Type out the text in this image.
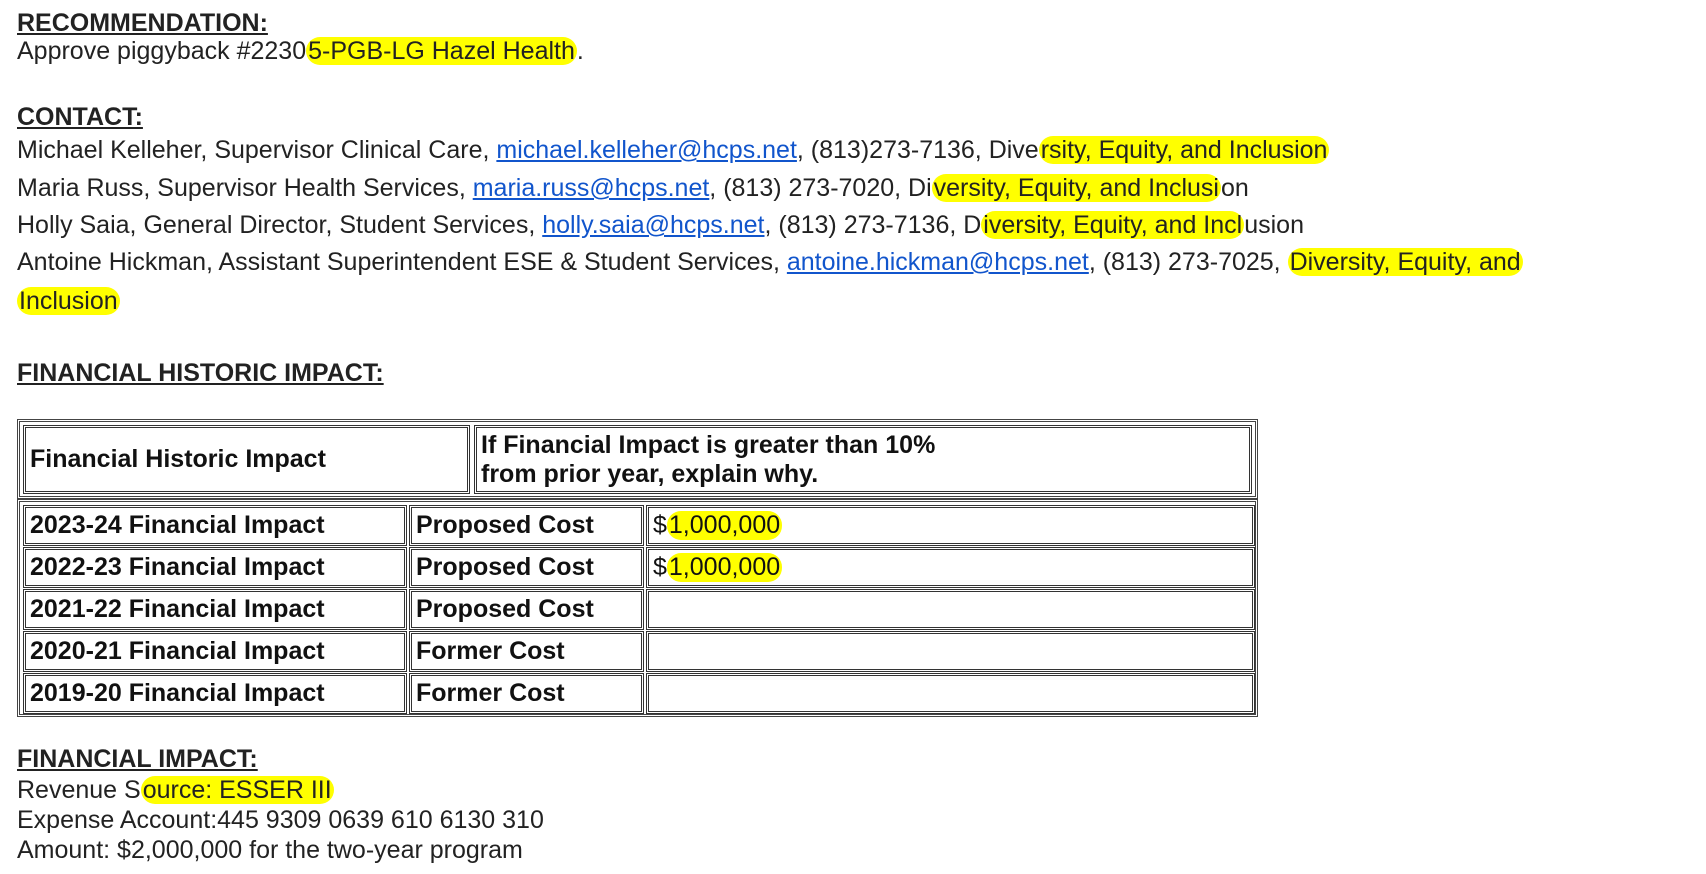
RECOMMENDATION:
Approve piggyback #22305-PGB-LG Hazel Health.
CONTACT:
Michael Kelleher, Supervisor Clinical Care, michael.kelleher@hcps.net, (813)273-7136, Diversity, Equity, and Inclusion
Maria Russ, Supervisor Health Services, maria.russ@hcps.net, (813) 273-7020, Diversity, Equity, and Inclusion
Holly Saia, General Director, Student Services, holly.saia@hcps.net, (813) 273-7136, Diversity, Equity, and Inclusion
Antoine Hickman, Assistant Superintendent ESE & Student Services, antoine.hickman@hcps.net, (813) 273-7025, Diversity, Equity, and
Inclusion
FINANCIAL HISTORIC IMPACT:
Financial Historic Impact
If Financial Impact is greater than 10%
from prior year, explain why.
2023-24 Financial Impact	Proposed Cost $ 1,000,000
2022-23 Financial Impact	Proposed Cost $ 1,000,000
2021-22 Financial Impact	Proposed Cost
2020-21 Financial Impact	Former Cost
2019-20 Financial Impact	Former Cost
FINANCIAL IMPACT:
Revenue Source: ESSER III
Expense Account:445 9309 0639 610 6130 310
Amount: $2,000,000 for the two-year program
